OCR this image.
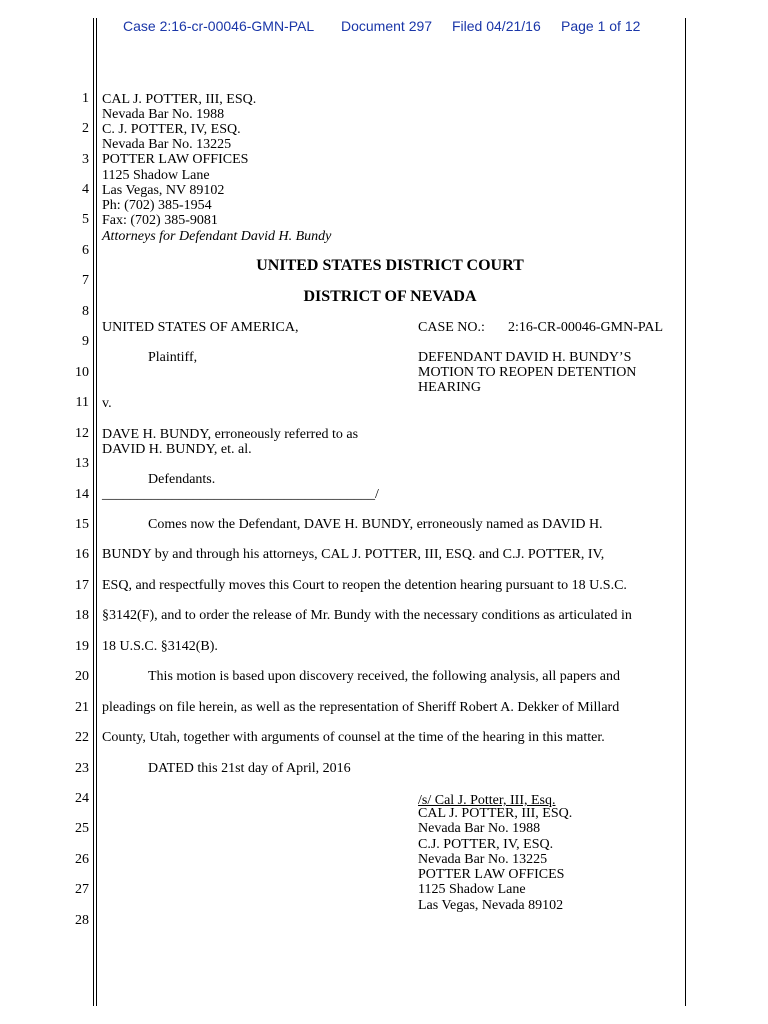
Case 2:16-cr-00046-GMN-PAL Document 297 Filed 04/21/16 Page 1 of 12
1
2
3
4
5
6
7
8
9
10
11
12
13
14
15
16
17
18
19
20
21
22
23
24
25
26
27
28
CAL J. POTTER, III, ESQ.
Nevada Bar No. 1988
C. J. POTTER, IV, ESQ.
Nevada Bar No. 13225
POTTER LAW OFFICES
1125 Shadow Lane
Las Vegas, NV 89102
Ph: (702) 385-1954
Fax: (702) 385-9081
Attorneys for Defendant David H. Bundy
UNITED STATES DISTRICT COURT
DISTRICT OF NEVADA
UNITED STATES OF AMERICA,
Plaintiff,
v.
DAVE H. BUNDY, erroneously referred to as
DAVID H. BUNDY, et. al.
Defendants.
_______________________________________/
CASE NO.: 2:16-CR-00046-GMN-PAL
DEFENDANT DAVID H. BUNDY’S
MOTION TO REOPEN DETENTION
HEARING
Comes now the Defendant, DAVE H. BUNDY, erroneously named as DAVID H.
BUNDY by and through his attorneys, CAL J. POTTER, III, ESQ. and C.J. POTTER, IV,
ESQ, and respectfully moves this Court to reopen the detention hearing pursuant to 18 U.S.C.
§3142(F), and to order the release of Mr. Bundy with the necessary conditions as articulated in
18 U.S.C. §3142(B).
This motion is based upon discovery received, the following analysis, all papers and
pleadings on file herein, as well as the representation of Sheriff Robert A. Dekker of Millard
County, Utah, together with arguments of counsel at the time of the hearing in this matter.
DATED this 21st day of April, 2016
/s/ Cal J. Potter, III, Esq.
CAL J. POTTER, III, ESQ.
Nevada Bar No. 1988
C.J. POTTER, IV, ESQ.
Nevada Bar No. 13225
POTTER LAW OFFICES
1125 Shadow Lane
Las Vegas, Nevada 89102
